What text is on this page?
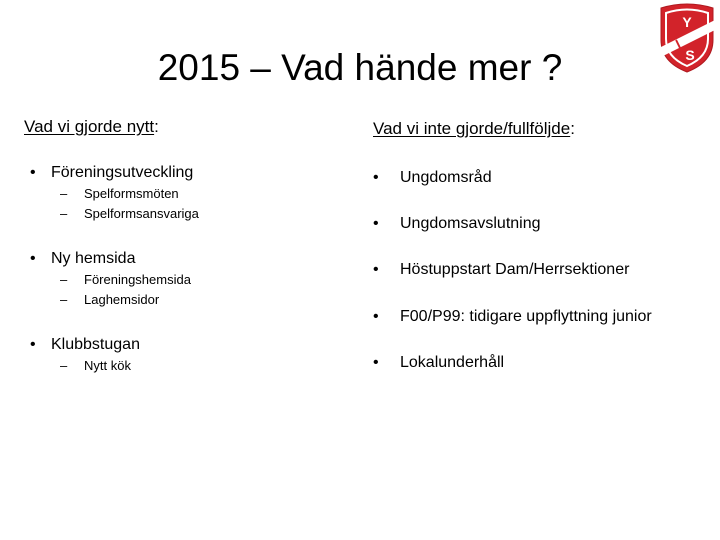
2015 – Vad hände mer ?
Y
I
S
Vad vi gjorde nytt:
• Föreningsutveckling
– Spelformsmöten
– Spelformsansvariga
• Ny hemsida
– Föreningshemsida
– Laghemsidor
• Klubbstugan
– Nytt kök
Vad vi inte gjorde/fullföljde:
• Ungdomsråd
• Ungdomsavslutning
• Höstuppstart Dam/Herrsektioner
• F00/P99: tidigare uppflyttning junior
• Lokalunderhåll
